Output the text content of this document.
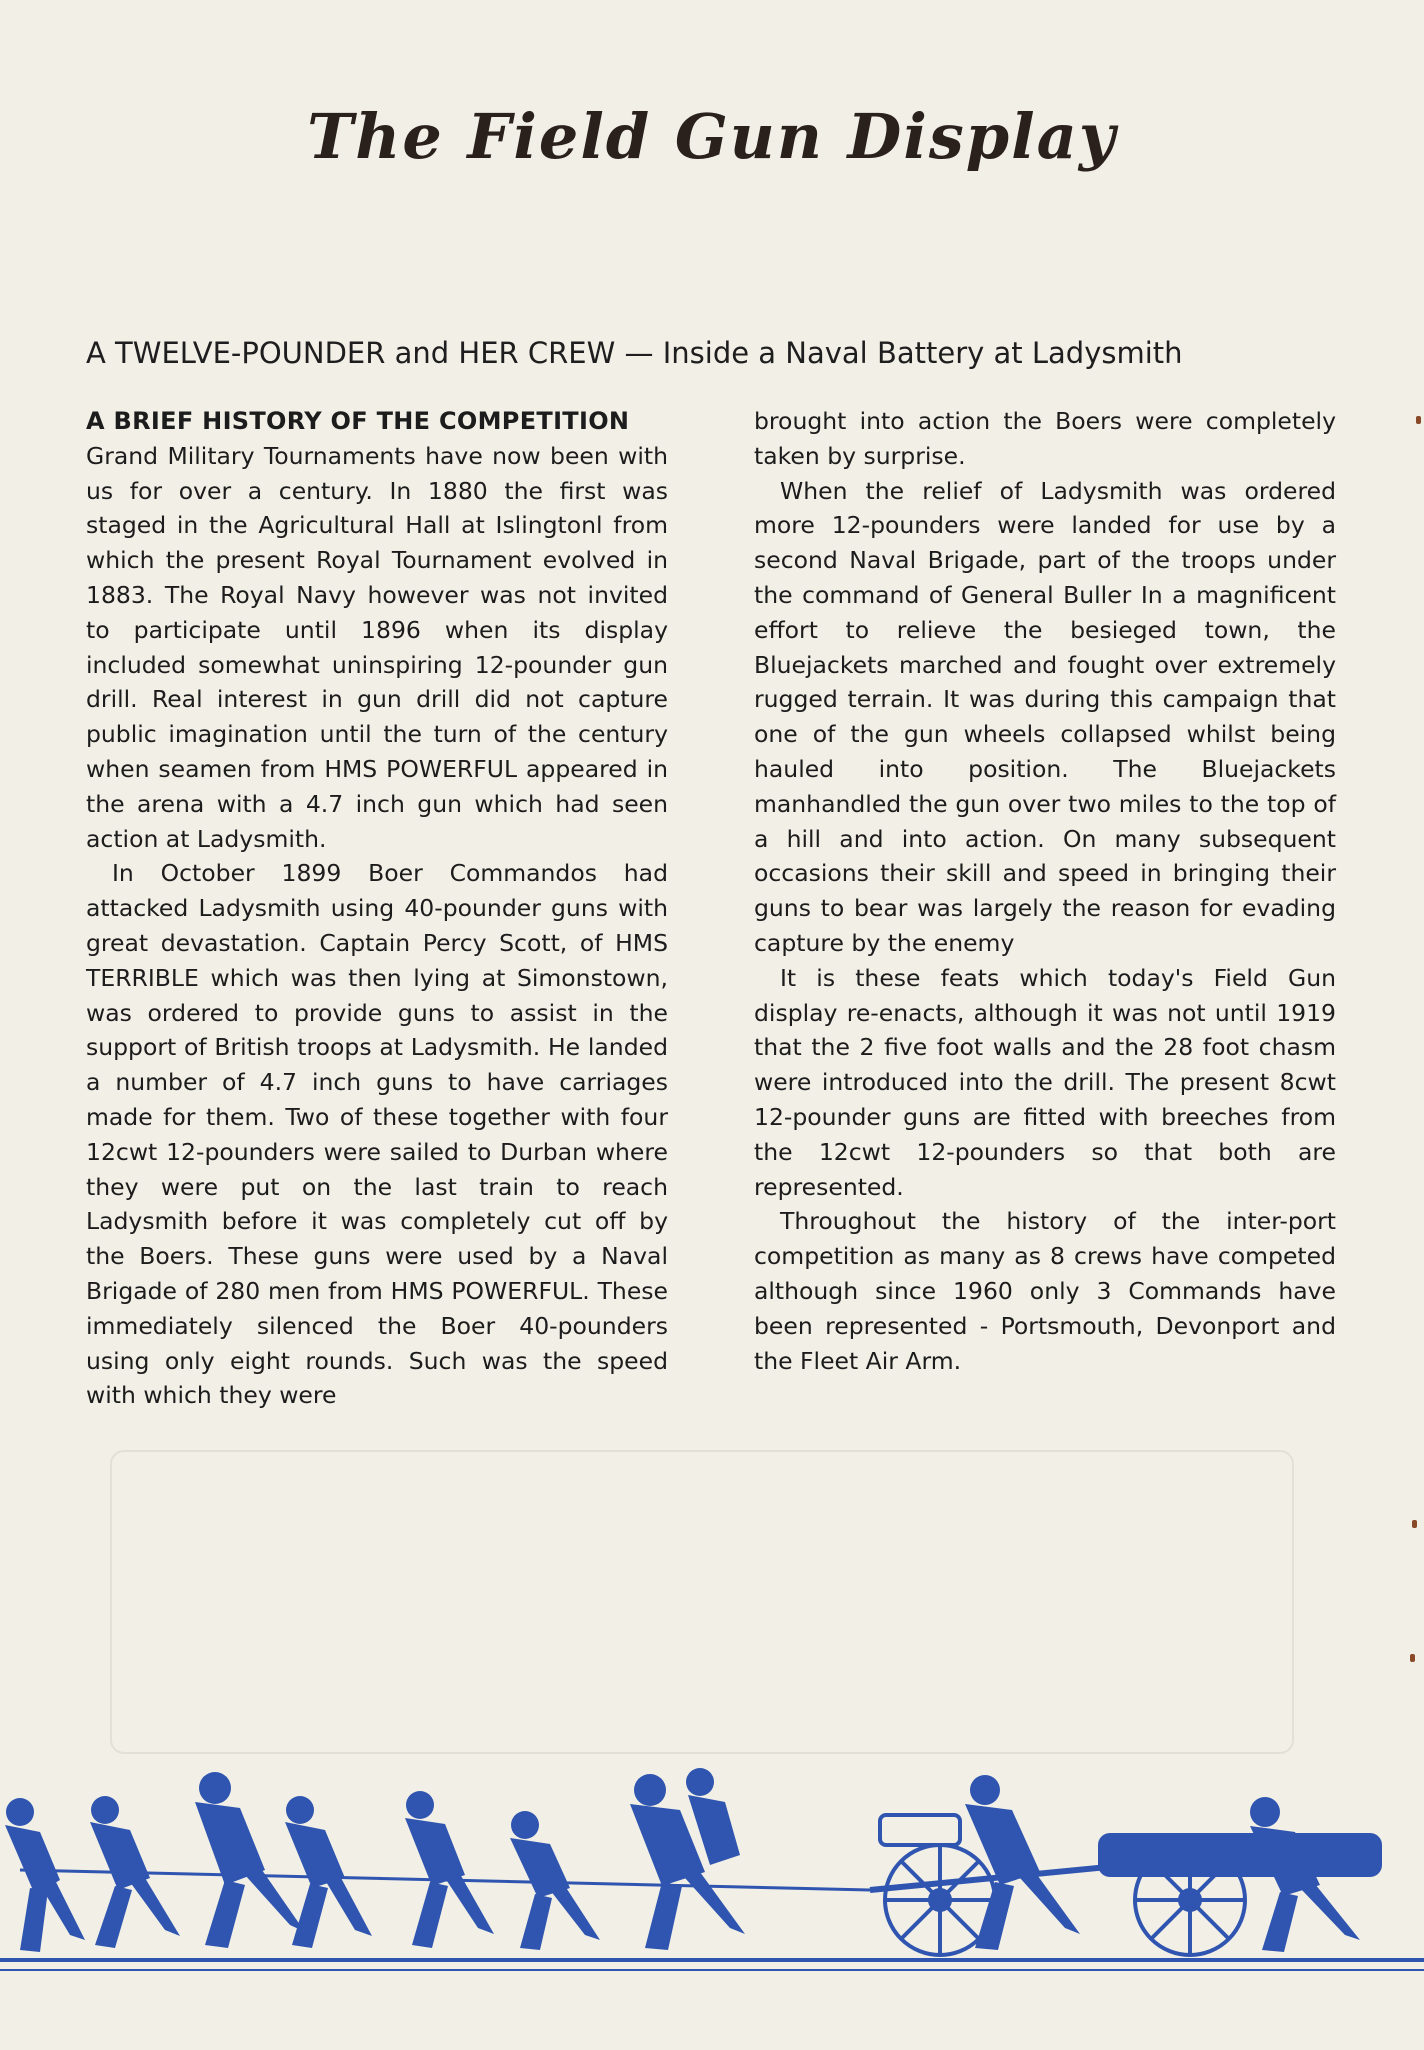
The Field Gun Display
A TWELVE-POUNDER and HER CREW — Inside a Naval Battery at Ladysmith
A BRIEF HISTORY OF THE COMPETITION

Grand Military Tournaments have now been with us for over a century. In 1880 the first was staged in the Agricultural Hall at Islingtonl from which the present Royal Tournament evolved in 1883. The Royal Navy however was not invited to participate until 1896 when its display included somewhat uninspiring 12-pounder gun drill. Real interest in gun drill did not capture public imagination until the turn of the century when seamen from HMS POWERFUL appeared in the arena with a 4.7 inch gun which had seen action at Ladysmith.

In October 1899 Boer Commandos had attacked Ladysmith using 40-pounder guns with great devastation. Captain Percy Scott, of HMS TERRIBLE which was then lying at Simonstown, was ordered to provide guns to assist in the support of British troops at Ladysmith. He landed a number of 4.7 inch guns to have carriages made for them. Two of these together with four 12cwt 12-pounders were sailed to Durban where they were put on the last train to reach Ladysmith before it was completely cut off by the Boers. These guns were used by a Naval Brigade of 280 men from HMS POWERFUL. These immediately silenced the Boer 40-pounders using only eight rounds. Such was the speed with which they were

brought into action the Boers were completely taken by surprise.

When the relief of Ladysmith was ordered more 12-pounders were landed for use by a second Naval Brigade, part of the troops under the command of General Buller In a magnificent effort to relieve the besieged town, the Bluejackets marched and fought over extremely rugged terrain. It was during this campaign that one of the gun wheels collapsed whilst being hauled into position. The Bluejackets manhandled the gun over two miles to the top of a hill and into action. On many subsequent occasions their skill and speed in bringing their guns to bear was largely the reason for evading capture by the enemy

It is these feats which today's Field Gun display re-enacts, although it was not until 1919 that the 2 five foot walls and the 28 foot chasm were introduced into the drill. The present 8cwt 12-pounder guns are fitted with breeches from the 12cwt 12-pounders so that both are represented.

Throughout the history of the inter-port competition as many as 8 crews have competed although since 1960 only 3 Commands have been represented - Portsmouth, Devonport and the Fleet Air Arm.
